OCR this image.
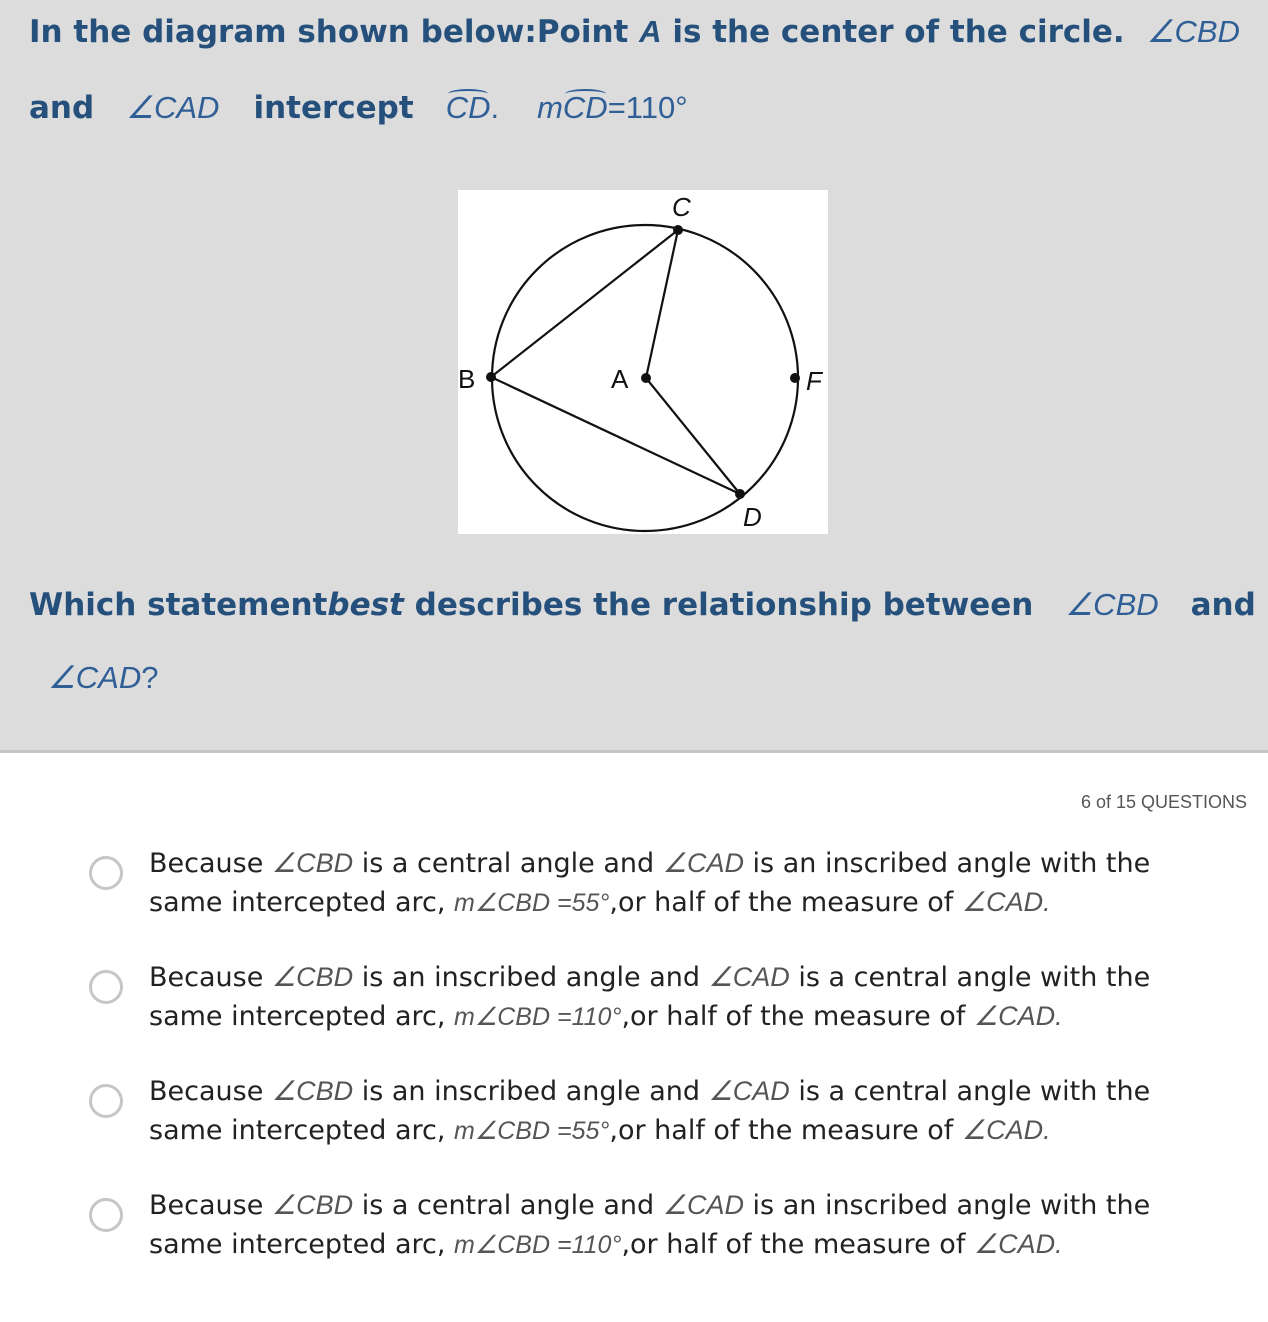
In the diagram shown below:Point A is the center of the circle. ∠CBD
and ∠CAD intercept CD. mCD=110°
C
B	A	F
D
Which statementbest describes the relationship between ∠CBD and
∠CAD?
6 of 15 QUESTIONS
Because ∠CBD is a central angle and ∠CAD is an inscribed angle with the
same intercepted arc, m∠CBD =55°,or half of the measure of ∠CAD.
Because ∠CBD is an inscribed angle and ∠CAD is a central angle with the
same intercepted arc, m∠CBD =110°,or half of the measure of ∠CAD.
Because ∠CBD is an inscribed angle and ∠CAD is a central angle with the
same intercepted arc, m∠CBD =55°,or half of the measure of ∠CAD.
Because ∠CBD is a central angle and ∠CAD is an inscribed angle with the
same intercepted arc, m∠CBD =110°,or half of the measure of ∠CAD.
